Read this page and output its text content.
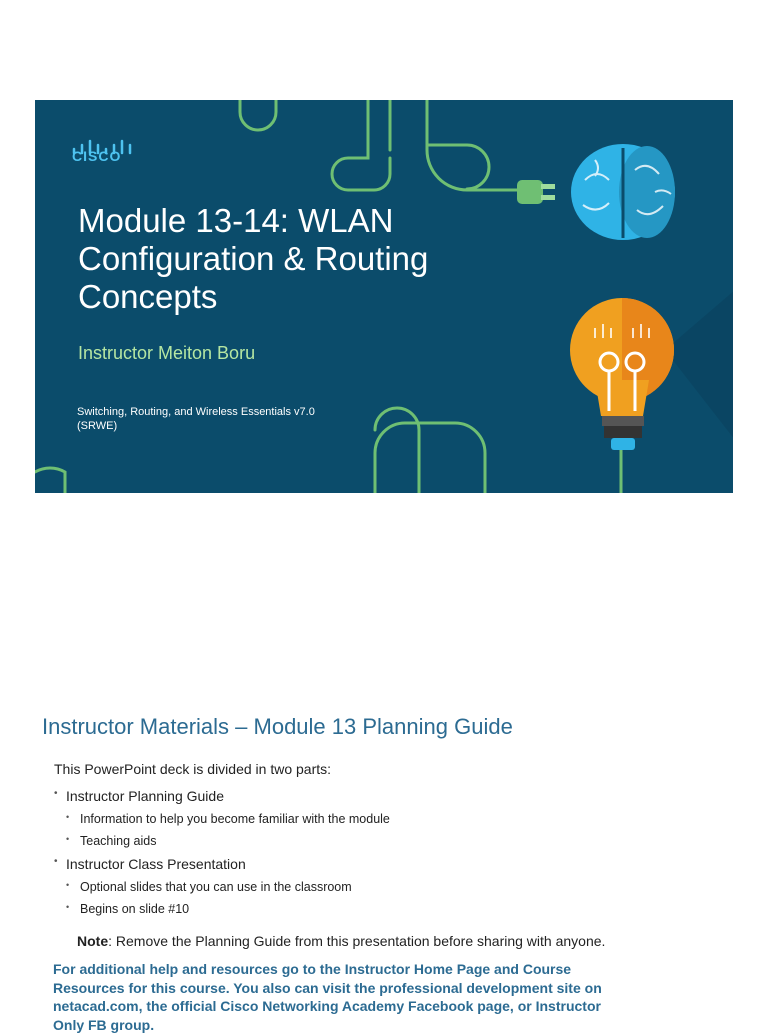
CISCO
Module 13-14: WLAN
Configuration & Routing
Concepts
Instructor Meiton Boru
Switching, Routing, and Wireless Essentials v7.0
(SRWE)
Instructor Materials – Module 13 Planning Guide
This PowerPoint deck is divided in two parts:
• Instructor Planning Guide
• Information to help you become familiar with the module
• Teaching aids
• Instructor Class Presentation
• Optional slides that you can use in the classroom
• Begins on slide #10
Note: Remove the Planning Guide from this presentation before sharing with anyone.
For additional help and resources go to the Instructor Home Page and Course
Resources for this course. You also can visit the professional development site on
netacad.com, the official Cisco Networking Academy Facebook page, or Instructor
Only FB group.
